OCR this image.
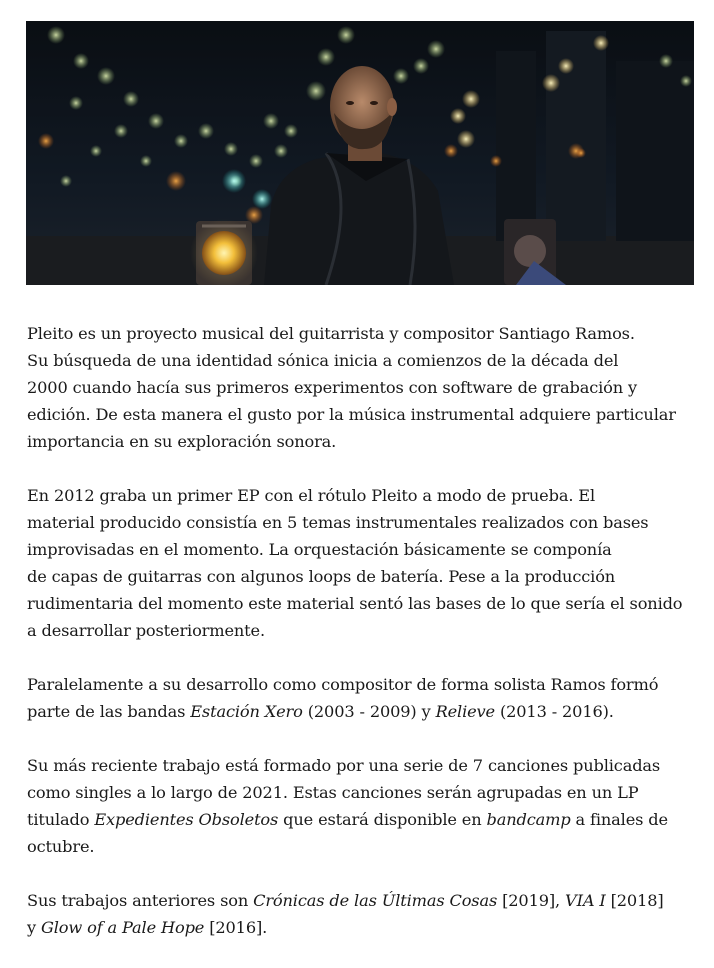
Pleito es un proyecto musical del guitarrista y compositor Santiago Ramos.
Su búsqueda de una identidad sónica inicia a comienzos de la década del
2000 cuando hacía sus primeros experimentos con software de grabación y
edición. De esta manera el gusto por la música instrumental adquiere particular
importancia en su exploración sonora.

En 2012 graba un primer EP con el rótulo Pleito a modo de prueba. El
material producido consistía en 5 temas instrumentales realizados con bases
improvisadas en el momento. La orquestación básicamente se componía
de capas de guitarras con algunos loops de batería. Pese a la producción
rudimentaria del momento este material sentó las bases de lo que sería el sonido
a desarrollar posteriormente.

Paralelamente a su desarrollo como compositor de forma solista Ramos formó
parte de las bandas Estación Xero (2003 - 2009) y Relieve (2013 - 2016).

Su más reciente trabajo está formado por una serie de 7 canciones publicadas
como singles a lo largo de 2021. Estas canciones serán agrupadas en un LP
titulado Expedientes Obsoletos que estará disponible en bandcamp a finales de
octubre.

Sus trabajos anteriores son Crónicas de las Últimas Cosas [2019], VIA I [2018]
y Glow of a Pale Hope [2016].
